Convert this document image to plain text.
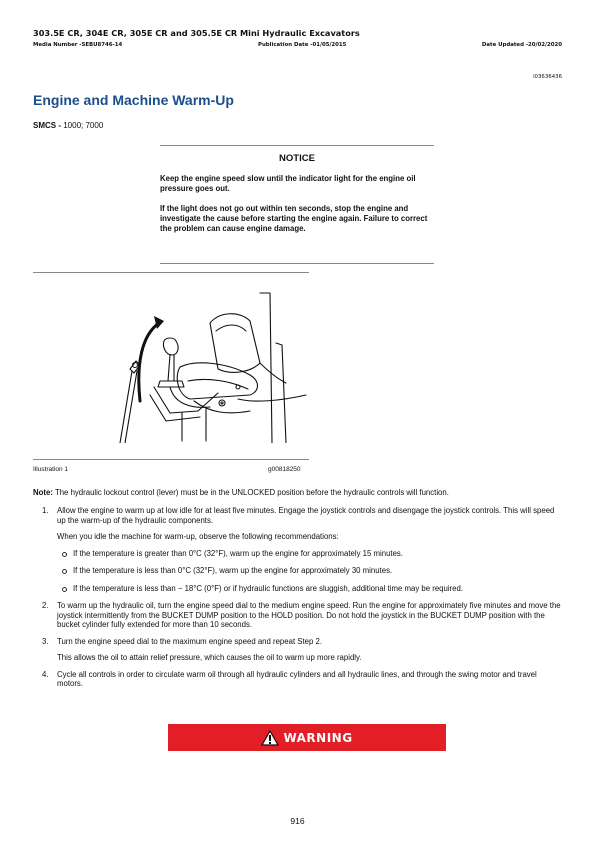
303.5E CR, 304E CR, 305E CR and 305.5E CR Mini Hydraulic Excavators
Media Number -SEBU8746-14	Publication Date -01/05/2015	Date Updated -20/02/2020
i03636436
Engine and Machine Warm-Up
SMCS - 1000; 7000
NOTICE

Keep the engine speed slow until the indicator light for the engine oil pressure goes out.

If the light does not go out within ten seconds, stop the engine and investigate the cause before starting the engine again. Failure to correct the problem can cause engine damage.

Illustration 1	g00818250
Note: The hydraulic lockout control (lever) must be in the UNLOCKED position before the hydraulic controls will function.
1. Allow the engine to warm up at low idle for at least five minutes. Engage the joystick controls and disengage the joystick controls. This will speed up the warm-up of the hydraulic components.
When you idle the machine for warm-up, observe the following recommendations:
If the temperature is greater than 0°C (32°F), warm up the engine for approximately 15 minutes.
If the temperature is less than 0°C (32°F), warm up the engine for approximately 30 minutes.
If the temperature is less than − 18°C (0°F) or if hydraulic functions are sluggish, additional time may be required.
2. To warm up the hydraulic oil, turn the engine speed dial to the medium engine speed. Run the engine for approximately five minutes and move the joystick intermittently from the BUCKET DUMP position to the HOLD position. Do not hold the joystick in the BUCKET DUMP position with the bucket cylinder fully extended for more than 10 seconds.
3. Turn the engine speed dial to the maximum engine speed and repeat Step 2.
This allows the oil to attain relief pressure, which causes the oil to warm up more rapidly.
4. Cycle all controls in order to circulate warm oil through all hydraulic cylinders and all hydraulic lines, and through the swing motor and travel motors.
WARNING
916
